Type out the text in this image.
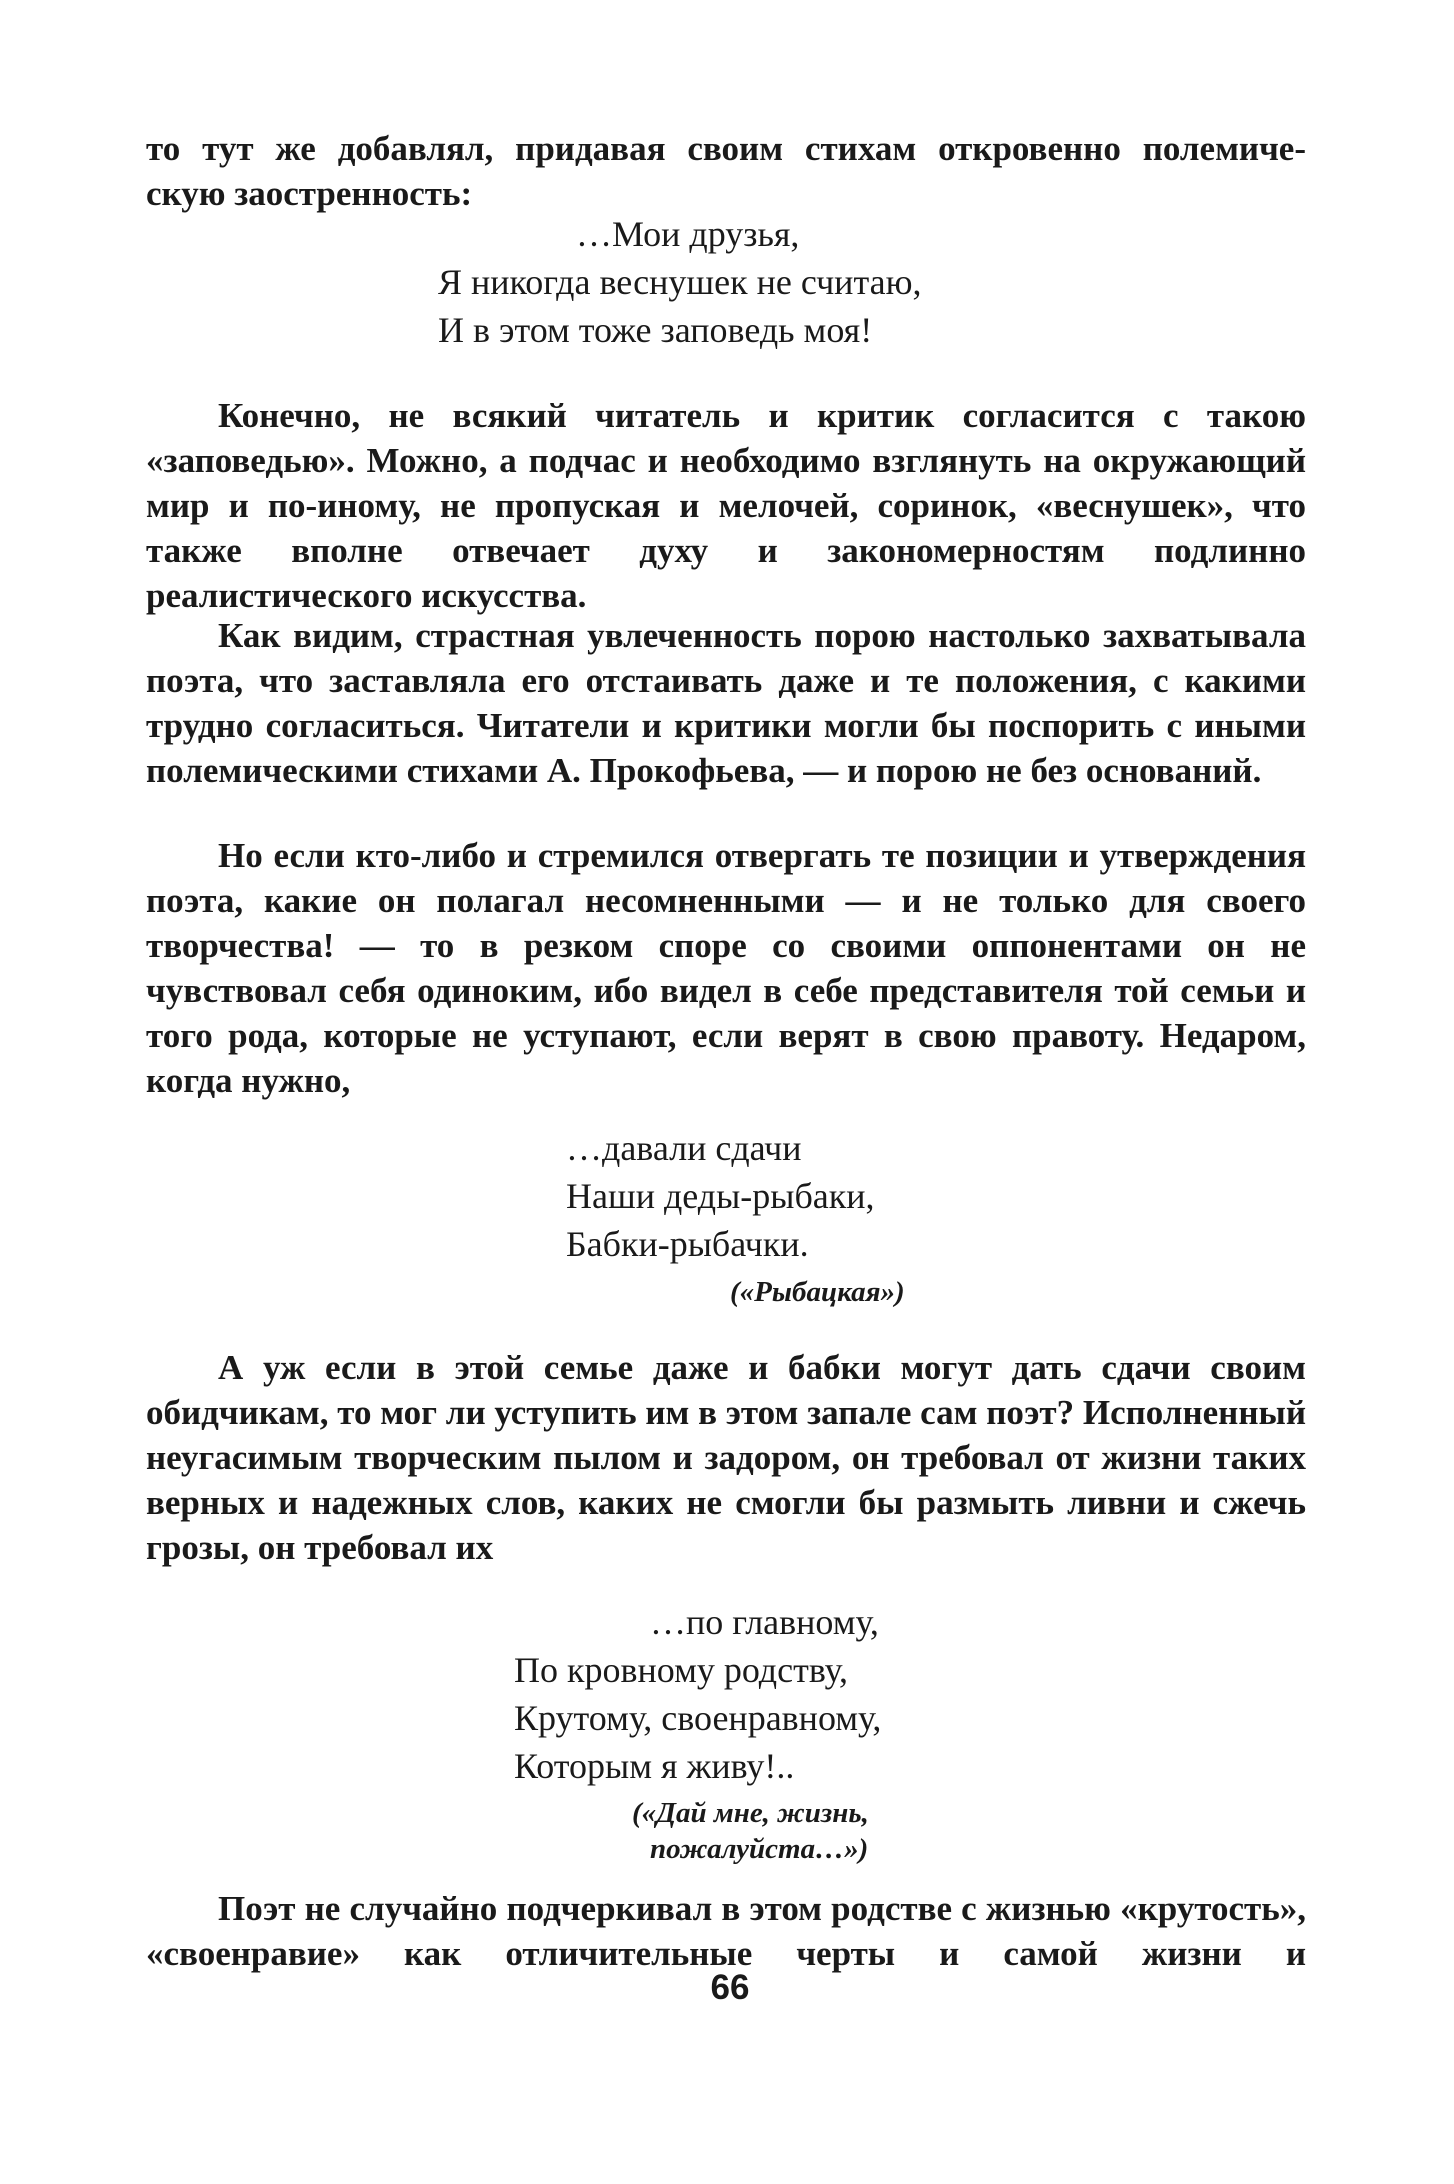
то тут же добавлял, придавая своим стихам откровенно полемиче-

скую заостренность:

…Мои друзья,
Я никогда веснушек не считаю,
И в этом тоже заповедь моя!

Конечно, не всякий читатель и критик согласится с такою «заповедью». Можно, а подчас и необходимо взглянуть на окружающий мир и по-иному, не пропуская и мелочей, соринок, «веснушек», что также вполне отвечает духу и закономерностям подлинно реалистического искусства.

Как видим, страстная увлеченность порою настолько захватывала поэта, что заставляла его отстаивать даже и те положения, с какими трудно согласиться. Читатели и критики могли бы поспорить с иными полемическими стихами А. Прокофьева, — и порою не без оснований.

Но если кто-либо и стремился отвергать те позиции и утверждения поэта, какие он полагал несомненными — и не только для своего творчества! — то в резком споре со своими оппонентами он не чувствовал себя одиноким, ибо видел в себе представителя той семьи и того рода, которые не уступают, если верят в свою правоту. Недаром, когда нужно,

…давали сдачи
Наши деды-рыбаки,
Бабки-рыбачки.
(«Рыбацкая»)

А уж если в этой семье даже и бабки могут дать сдачи своим обидчикам, то мог ли уступить им в этом запале сам поэт? Исполненный неугасимым творческим пылом и задором, он требовал от жизни таких верных и надежных слов, каких не смогли бы размыть ливни и сжечь грозы, он требовал их

…по главному,
По кровному родству,
Крутому, своенравному,
Которым я живу!..
(«Дай мне, жизнь,
пожалуйста…»)

Поэт не случайно подчеркивал в этом родстве с жизнью «крутость», «своенравие» как отличительные черты и самой жизни и

66
